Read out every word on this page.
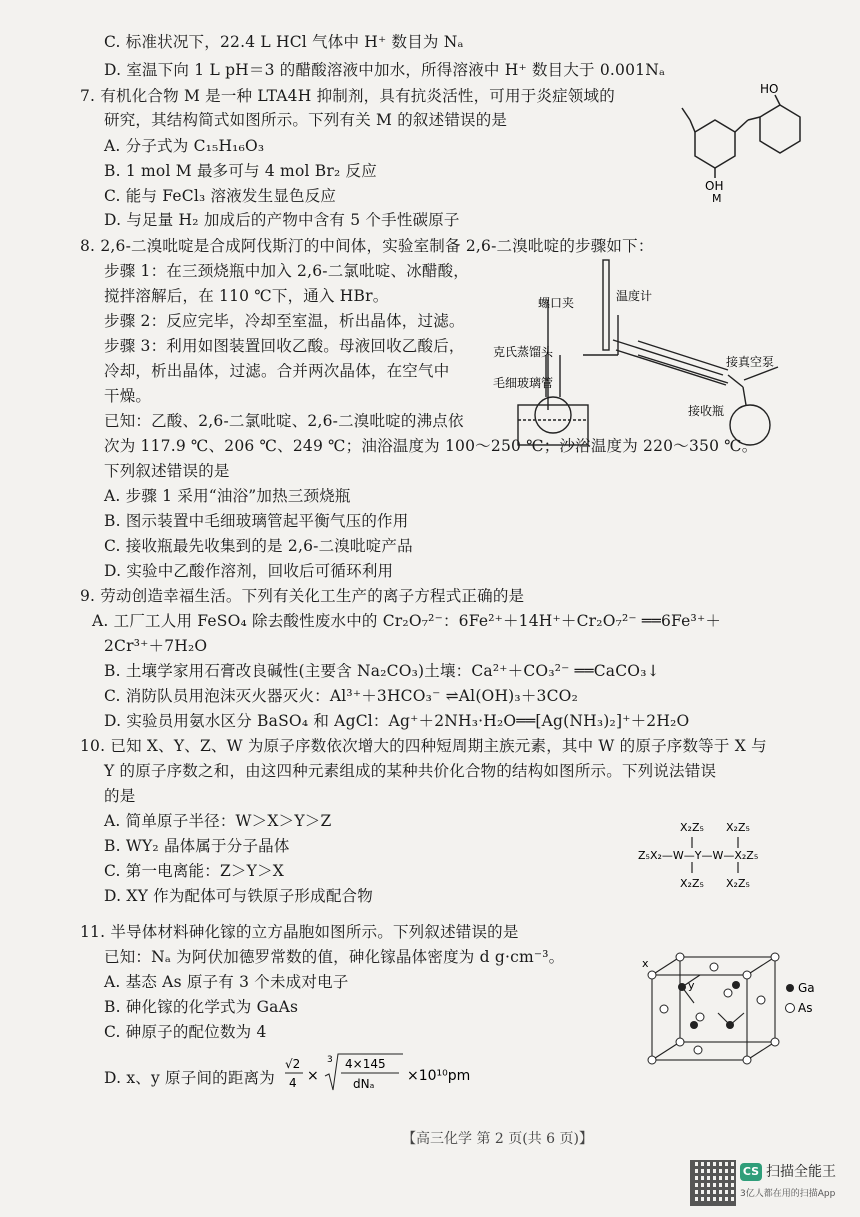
C. 标准状况下，22.4 L HCl 气体中 H⁺ 数目为 Nₐ
D. 室温下向 1 L pH＝3 的醋酸溶液中加水，所得溶液中 H⁺ 数目大于 0.001Nₐ
7. 有机化合物 M 是一种 LTA4H 抑制剂，具有抗炎活性，可用于炎症领域的
研究，其结构简式如图所示。下列有关 M 的叙述错误的是
A. 分子式为 C₁₅H₁₆O₃
B. 1 mol M 最多可与 4 mol Br₂ 反应
C. 能与 FeCl₃ 溶液发生显色反应
D. 与足量 H₂ 加成后的产物中含有 5 个手性碳原子
HO
OH
M
8. 2,6-二溴吡啶是合成阿伐斯汀的中间体，实验室制备 2,6-二溴吡啶的步骤如下：
步骤 1：在三颈烧瓶中加入 2,6-二氯吡啶、冰醋酸，
搅拌溶解后，在 110 ℃下，通入 HBr。
步骤 2：反应完毕，冷却至室温，析出晶体，过滤。
步骤 3：利用如图装置回收乙酸。母液回收乙酸后，
冷却，析出晶体，过滤。合并两次晶体，在空气中
干燥。
已知：乙酸、2,6-二氯吡啶、2,6-二溴吡啶的沸点依
次为 117.9 ℃、206 ℃、249 ℃；油浴温度为 100～250 ℃；沙浴温度为 220～350 ℃。
下列叙述错误的是
A. 步骤 1 采用“油浴”加热三颈烧瓶
B. 图示装置中毛细玻璃管起平衡气压的作用
C. 接收瓶最先收集到的是 2,6-二溴吡啶产品
D. 实验中乙酸作溶剂，回收后可循环利用
螺口夹	温度计
克氏蒸馏头
毛细玻璃管
接真空泵
接收瓶
9. 劳动创造幸福生活。下列有关化工生产的离子方程式正确的是
A. 工厂工人用 FeSO₄ 除去酸性废水中的 Cr₂O₇²⁻：6Fe²⁺＋14H⁺＋Cr₂O₇²⁻ ══6Fe³⁺＋
2Cr³⁺＋7H₂O
B. 土壤学家用石膏改良碱性(主要含 Na₂CO₃)土壤：Ca²⁺＋CO₃²⁻ ══CaCO₃↓
C. 消防队员用泡沫灭火器灭火：Al³⁺＋3HCO₃⁻ ⇌Al(OH)₃＋3CO₂
D. 实验员用氨水区分 BaSO₄ 和 AgCl：Ag⁺＋2NH₃·H₂O══[Ag(NH₃)₂]⁺＋2H₂O
10. 已知 X、Y、Z、W 为原子序数依次增大的四种短周期主族元素，其中 W 的原子序数等于 X 与
Y 的原子序数之和，由这四种元素组成的某种共价化合物的结构如图所示。下列说法错误
的是
A. 简单原子半径：W＞X＞Y＞Z
B. WY₂ 晶体属于分子晶体
C. 第一电离能：Z＞Y＞X
D. XY 作为配体可与铁原子形成配合物
X₂Z₅ X₂Z₅
Z₅X₂—W—Y—W—X₂Z₅
X₂Z₅ X₂Z₅
11. 半导体材料砷化镓的立方晶胞如图所示。下列叙述错误的是
已知：Nₐ 为阿伏加德罗常数的值，砷化镓晶体密度为 d g·cm⁻³。
A. 基态 As 原子有 3 个未成对电子
B. 砷化镓的化学式为 GaAs
C. 砷原子的配位数为 4
D. x、y 原子间的距离为
√2
4 ×
3 4×145
dNₐ ×10¹⁰pm
x
y	Ga
As
【高三化学 第 2 页(共 6 页)】
CS 扫描全能王
3亿人都在用的扫描App
